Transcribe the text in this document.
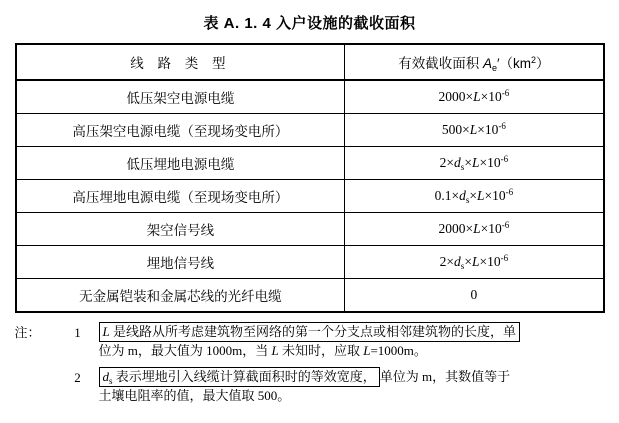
表 A. 1. 4 入户设施的截收面积
线 路 类 型	有效截收面积 $A_e'(km^2)$
低压架空电源电缆	$2000\times L\times 10^{-6}$
高压架空电源电缆（至现场变电所）	$500\times L\times 10^{-6}$
低压埋地电源电缆	$2\times d_s\times L\times 10^{-6}$
高压埋地电源电缆（至现场变电所）	$0.1\times d_s\times L\times 10^{-6}$
架空信号线	$2000\times L\times 10^{-6}$
埋地信号线	$2\times d_s\times L\times 10^{-6}$
无金属铠装和金属芯线的光纤电缆	0
注：	1	L 是线路从所考虑建筑物至网络的第一个分支点或相邻建筑物的长度，单
位为 m，最大值为 1000m，当 L 未知时，应取 L=1000m。
2	$d_s$ 表示埋地引入线缆计算截面积时的等效宽度， 单位为 m，其数值等于
土壤电阻率的值，最大值取 500。
